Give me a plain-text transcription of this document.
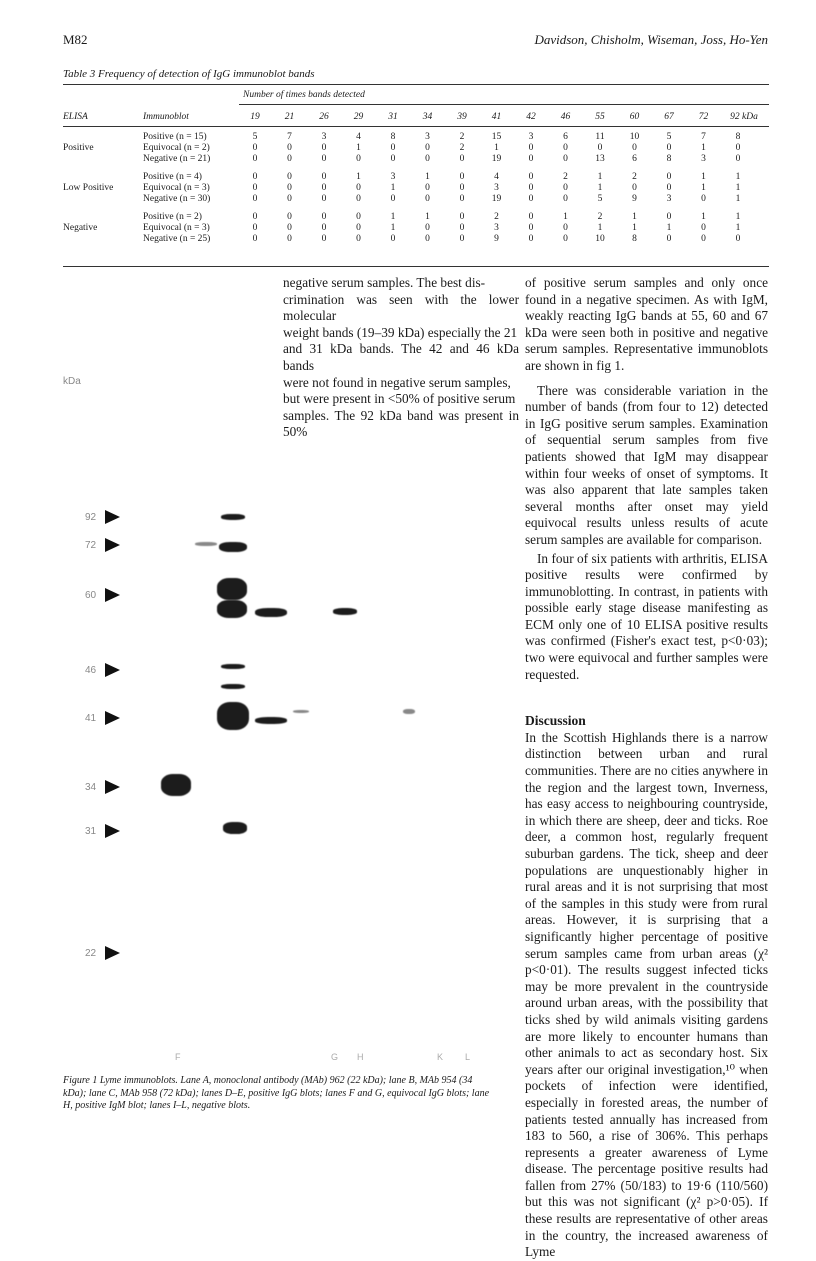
M82	Davidson, Chisholm, Wiseman, Joss, Ho-Yen
Table 3 Frequency of detection of IgG immunoblot bands
Number of times bands detected
ELISA	Immunoblot	19	21	26	29	31	34	39	41	42	46	55	60	67	72	92 kDa
Positive
Positive (n = 15)	5	7	3	4	8	3	2	15	3	6	11	10	5	7	8
Equivocal (n = 2)	0	0	0	1	0	0	2	1	0	0	0	0	0	1	0
Negative (n = 21)	0	0	0	0	0	0	0	19	0	0	13	6	8	3	0
Low Positive
Positive (n = 4)	0	0	0	1	3	1	0	4	0	2	1	2	0	1	1
Equivocal (n = 3)	0	0	0	0	1	0	0	3	0	0	1	0	0	1	1
Negative (n = 30)	0	0	0	0	0	0	0	19	0	0	5	9	3	0	1
Negative
Positive (n = 2)	0	0	0	0	1	1	0	2	0	1	2	1	0	1	1
Equivocal (n = 3)	0	0	0	0	1	0	0	3	0	0	1	1	1	0	1
Negative (n = 25)	0	0	0	0	0	0	0	9	0	0	10	8	0	0	0

negative serum samples. The best dis-

crimination was seen with the lower molecular

weight bands (19–39 kDa) especially the 21

and 31 kDa bands. The 42 and 46 kDa bands

were not found in negative serum samples,

but were present in <50% of positive serum

samples. The 92 kDa band was present in 50%

of positive serum samples and only once found in a negative specimen. As with IgM, weakly reacting IgG bands at 55, 60 and 67 kDa were seen both in positive and negative serum samples. Representative immunoblots are shown in fig 1.

There was considerable variation in the number of bands (from four to 12) detected in IgG positive serum samples. Examination of sequential serum samples from five patients showed that IgM may disappear within four weeks of onset of symptoms. It was also apparent that late samples taken several months after onset may yield equivocal results unless results of acute serum samples are available for comparison.

In four of six patients with arthritis, ELISA positive results were confirmed by immunoblotting. In contrast, in patients with possible early stage disease manifesting as ECM only one of 10 ELISA positive results was confirmed (Fisher's exact test, p<0·03); two were equivocal and further samples were requested.

Discussion

In the Scottish Highlands there is a narrow distinction between urban and rural communities. There are no cities anywhere in the region and the largest town, Inverness, has easy access to neighbouring countryside, in which there are sheep, deer and ticks. Roe deer, a common host, regularly frequent suburban gardens. The tick, sheep and deer populations are unquestionably higher in rural areas and it is not surprising that most of the samples in this study were from rural areas. However, it is surprising that a significantly higher percentage of positive serum samples came from urban areas (χ² p<0·01). The results suggest infected ticks may be more prevalent in the countryside around urban areas, with the possibility that ticks shed by wild animals visiting gardens are more likely to encounter humans than other animals to act as secondary host. Six years after our original investigation,¹⁰ when pockets of infection were identified, especially in forested areas, the number of patients tested annually has increased from 183 to 560, a rise of 306%. This perhaps represents a greater awareness of Lyme disease. The percentage positive results had fallen from 27% (50/183) to 19·6 (110/560) but this was not significant (χ² p>0·05). If these results are representative of other areas in the country, the increased awareness of Lyme

kDa
92
72
60
46
41
34
31
22
F	G H	K L
Figure 1 Lyme immunoblots. Lane A, monoclonal antibody (MAb) 962 (22 kDa); lane B, MAb 954 (34 kDa); lane C, MAb 958 (72 kDa); lanes D–E, positive IgG blots; lanes F and G, equivocal IgG blots; lane H, positive IgM blot; lanes I–L, negative blots.
